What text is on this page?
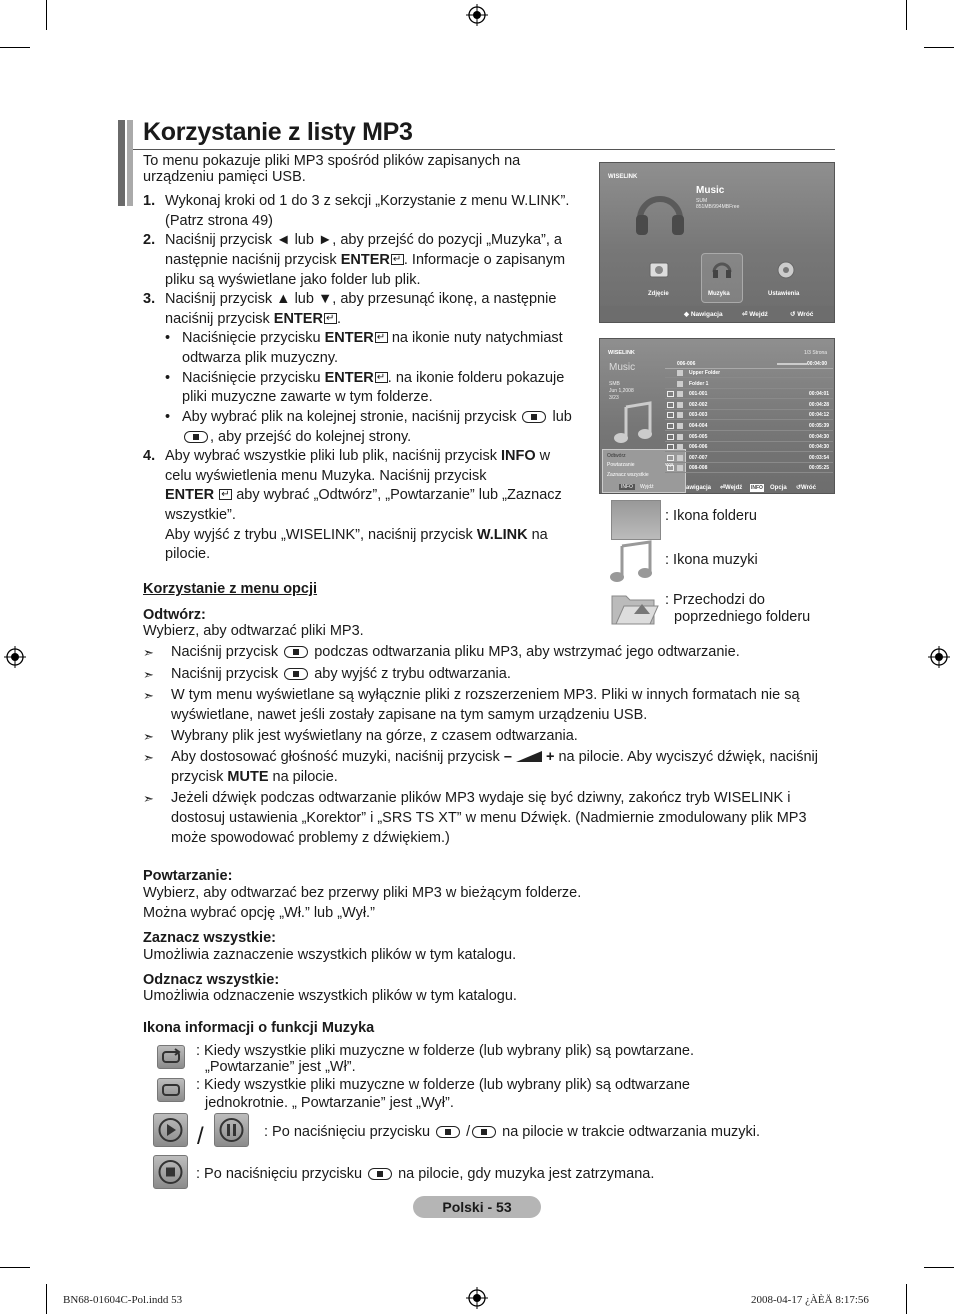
Korzystanie z listy MP3
To menu pokazuje pliki MP3 spośród plików zapisanych na
urządzeniu pamięci USB.
1. Wykonaj kroki od 1 do 3 z sekcji „Korzystanie z menu W.LINK”.
(Patrz strona 49)
2. Naciśnij przycisk ◄ lub ►, aby przejść do pozycji „Muzyka”, a
następnie naciśnij przycisk ENTER ↵ . Informacje o zapisanym
pliku są wyświetlane jako folder lub plik.
3. Naciśnij przycisk ▲ lub ▼, aby przesunąć ikonę, a następnie
naciśnij przycisk ENTER ↵ .
• Naciśnięcie przycisku ENTER↵ na ikonie nuty natychmiast
odtwarza plik muzyczny.
• Naciśnięcie przycisku ENTER ↵ . na ikonie folderu pokazuje
pliki muzyczne zawarte w tym folderze.
• Aby wybrać plik na kolejnej stronie, naciśnij przycisk  lub
, aby przejść do kolejnej strony.
4. Aby wybrać wszystkie pliki lub plik, naciśnij przycisk INFO w
celu wyświetlenia menu Muzyka. Naciśnij przycisk
ENTER ↵ aby wybrać „Odtwórz”, „Powtarzanie” lub „Zaznacz
wszystkie”.
Aby wyjść z trybu „WISELINK”, naciśnij przycisk W.LINK na
pilocie.
WISELINK
Music
SUM
851MB/994MBFree
Zdjęcie	Muzyka	Ustawienia
◆ Nawigacja	⏎ Wejdź	↺ Wróć
WISELINK	1/3 Strona
Music
SMB
Jun 1,2008
3/23
006-006	00:04:00
Odtwórz
Powtarzanie	Wył
Zaznacz wszystkie
INFO	Wyjdź	awigacja ⏎Wejdź INFO Opcja ↺Wróć
Upper Folder
Folder 1
001-001	00:04:01
002-002	00:04:28
003-003	00:04:12
004-004	00:05:39
005-005	00:04:30
006-006	00:04:30
007-007	00:03:54
008-008	00:05:25
: Ikona folderu
: Ikona muzyki
: Przechodzi do
poprzedniego folderu
Korzystanie z menu opcji
Odtwórz:
Wybierz, aby odtwarzać pliki MP3.
➣ Naciśnij przycisk  podczas odtwarzania pliku MP3, aby wstrzymać jego odtwarzanie.
➣ Naciśnij przycisk  aby wyjść z trybu odtwarzania.
➣ W tym menu wyświetlane są wyłącznie pliki z rozszerzeniem MP3. Pliki w innych formatach nie są
wyświetlane, nawet jeśli zostały zapisane na tym samym urządzeniu USB.
➣ Wybrany plik jest wyświetlany na górze, z czasem odtwarzania.
➣ Aby dostosować głośność muzyki, naciśnij przycisk – + na pilocie. Aby wyciszyć dźwięk, naciśnij
przycisk MUTE na pilocie.
➣ Jeżeli dźwięk podczas odtwarzanie plików MP3 wydaje się być dziwny, zakończ tryb WISELINK i
dostosuj ustawienia „Korektor” i „SRS TS XT” w menu Dźwięk. (Nadmiernie zmodulowany plik MP3
może spowodować problemy z dźwiękiem.)
Powtarzanie:
Wybierz, aby odtwarzać bez przerwy pliki MP3 w bieżącym folderze.
Można wybrać opcję „Wł.” lub „Wył.”
Zaznacz wszystkie:
Umożliwia zaznaczenie wszystkich plików w tym katalogu.
Odznacz wszystkie:
Umożliwia odznaczenie wszystkich plików w tym katalogu.
Ikona informacji o funkcji Muzyka
: Kiedy wszystkie pliki muzyczne w folderze (lub wybrany plik) są powtarzane.
„Powtarzanie” jest „Wł”.
: Kiedy wszystkie pliki muzyczne w folderze (lub wybrany plik) są odtwarzane
jednokrotnie. „ Powtarzanie” jest „Wył”.
/	: Po naciśnięciu przycisku  / na pilocie w trakcie odtwarzania muzyki.
: Po naciśnięciu przycisku  na pilocie, gdy muzyka jest zatrzymana.
Polski - 53
BN68-01604C-Pol.indd 53	2008-04-17 ¿ÀÈÄ 8:17:56
